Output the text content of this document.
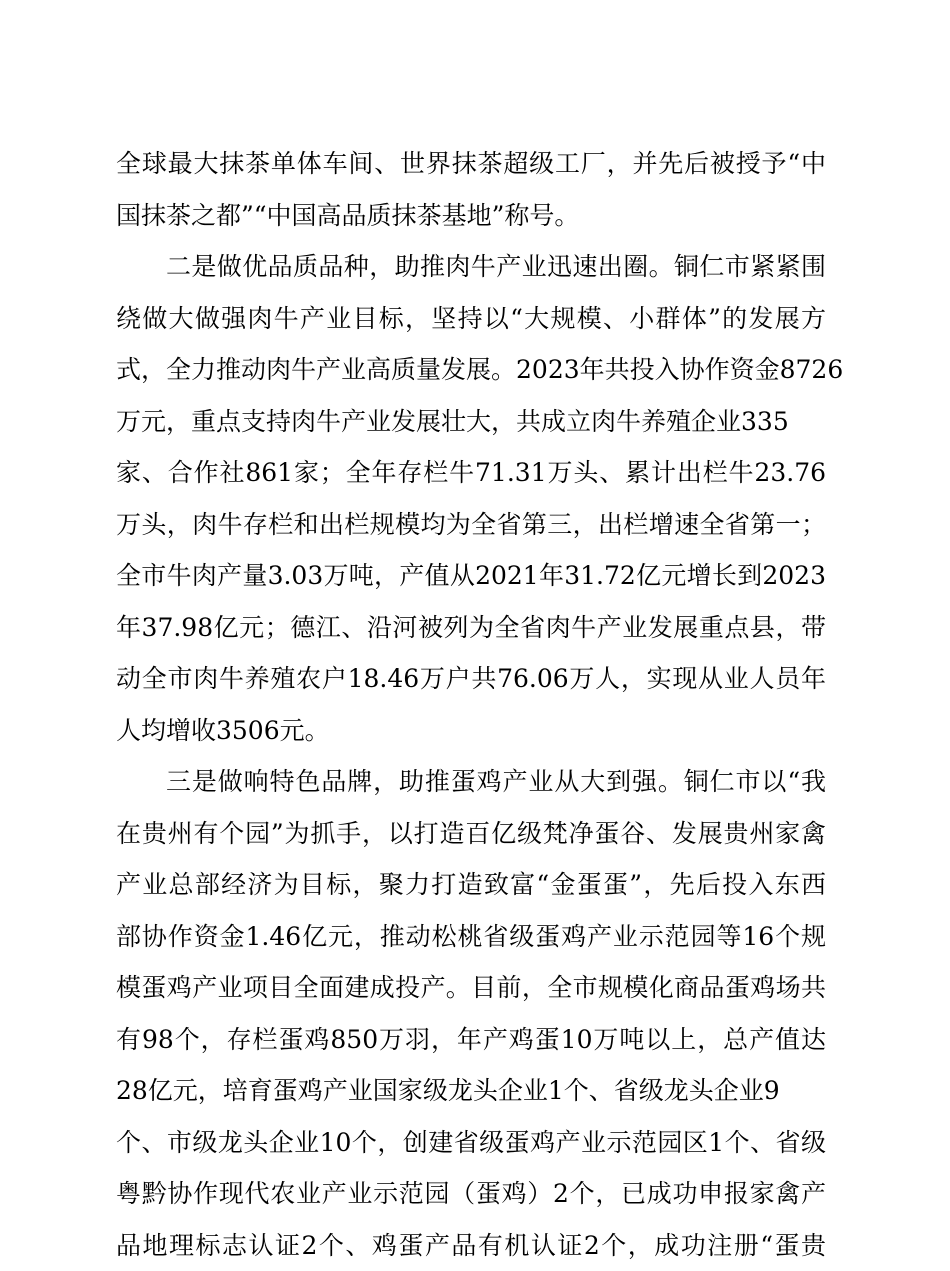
全球最大抹茶单体车间、世界抹茶超级工厂，并先后被授予“中
国抹茶之都”“中国高品质抹茶基地”称号。
二是做优品质品种，助推肉牛产业迅速出圈。铜仁市紧紧围
绕做大做强肉牛产业目标，坚持以“大规模、小群体”的发展方
式，全力推动肉牛产业高质量发展。2023年共投入协作资金8726
万元，重点支持肉牛产业发展壮大，共成立肉牛养殖企业335
家、合作社861家；全年存栏牛71.31万头、累计出栏牛23.76
万头，肉牛存栏和出栏规模均为全省第三，出栏增速全省第一；
全市牛肉产量3.03万吨，产值从2021年31.72亿元增长到2023
年37.98亿元；德江、沿河被列为全省肉牛产业发展重点县，带
动全市肉牛养殖农户18.46万户共76.06万人，实现从业人员年
人均增收3506元。
三是做响特色品牌，助推蛋鸡产业从大到强。铜仁市以“我
在贵州有个园”为抓手，以打造百亿级梵净蛋谷、发展贵州家禽
产业总部经济为目标，聚力打造致富“金蛋蛋”，先后投入东西
部协作资金1.46亿元，推动松桃省级蛋鸡产业示范园等16个规
模蛋鸡产业项目全面建成投产。目前，全市规模化商品蛋鸡场共
有98个，存栏蛋鸡850万羽，年产鸡蛋10万吨以上，总产值达
28亿元，培育蛋鸡产业国家级龙头企业1个、省级龙头企业9
个、市级龙头企业10个，创建省级蛋鸡产业示范园区1个、省级
粤黔协作现代农业产业示范园（蛋鸡）2个，已成功申报家禽产
品地理标志认证2个、鸡蛋产品有机认证2个，成功注册“蛋贵
